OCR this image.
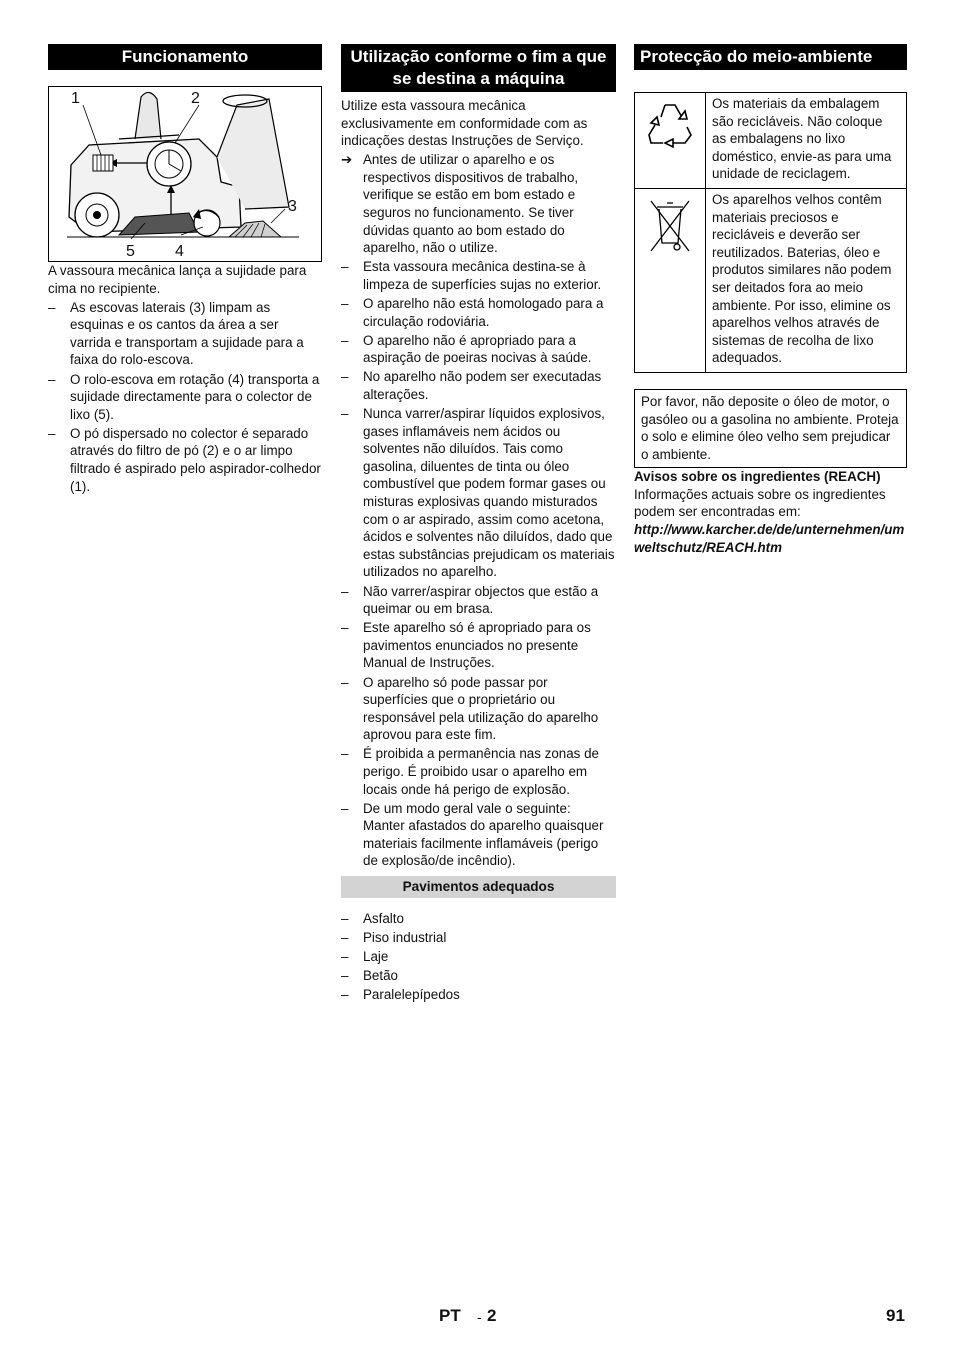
Funcionamento
1	2
3
4
5

A vassoura mecânica lança a sujidade para cima no recipiente.

– As escovas laterais (3) limpam as esquinas e os cantos da área a ser varrida e transportam a sujidade para a faixa do rolo-escova.
– O rolo-escova em rotação (4) transporta a sujidade directamente para o colector de lixo (5).
– O pó dispersado no colector é separado através do filtro de pó (2) e o ar limpo filtrado é aspirado pelo aspirador-colhedor (1).
Utilização conforme o fim a que se destina a máquina

Utilize esta vassoura mecânica exclusivamente em conformidade com as indicações destas Instruções de Serviço.

➔ Antes de utilizar o aparelho e os respectivos dispositivos de trabalho, verifique se estão em bom estado e seguros no funcionamento. Se tiver dúvidas quanto ao bom estado do aparelho, não o utilize.
– Esta vassoura mecânica destina-se à limpeza de superfícies sujas no exterior.
– O aparelho não está homologado para a circulação rodoviária.
– O aparelho não é apropriado para a aspiração de poeiras nocivas à saúde.
– No aparelho não podem ser executadas alterações.
– Nunca varrer/aspirar líquidos explosivos, gases inflamáveis nem ácidos ou solventes não diluídos. Tais como gasolina, diluentes de tinta ou óleo combustível que podem formar gases ou misturas explosivas quando misturados com o ar aspirado, assim como acetona, ácidos e solventes não diluídos, dado que estas substâncias prejudicam os materiais utilizados no aparelho.
– Não varrer/aspirar objectos que estão a queimar ou em brasa.
– Este aparelho só é apropriado para os pavimentos enunciados no presente Manual de Instruções.
– O aparelho só pode passar por superfícies que o proprietário ou responsável pela utilização do aparelho aprovou para este fim.
– É proibida a permanência nas zonas de perigo. É proibido usar o aparelho em locais onde há perigo de explosão.
– De um modo geral vale o seguinte: Manter afastados do aparelho quaisquer materiais facilmente inflamáveis (perigo de explosão/de incêndio).
Pavimentos adequados
– Asfalto
– Piso industrial
– Laje
– Betão
– Paralelepípedos
Protecção do meio-ambiente
	Os materiais da embalagem são recicláveis. Não coloque as embalagens no lixo doméstico, envie-as para uma unidade de reciclagem.
	Os aparelhos velhos contêm materiais preciosos e recicláveis e deverão ser reutilizados. Baterias, óleo e produtos similares não podem ser deitados fora ao meio ambiente. Por isso, elimine os aparelhos velhos através de sistemas de recolha de lixo adequados.
Por favor, não deposite o óleo de motor, o gasóleo ou a gasolina no ambiente. Proteja o solo e elimine óleo velho sem prejudicar o ambiente.

Avisos sobre os ingredientes (REACH)

Informações actuais sobre os ingredientes podem ser encontradas em:

http://www.karcher.de/de/unternehmen/umweltschutz/REACH.htm

PT - 2	91
